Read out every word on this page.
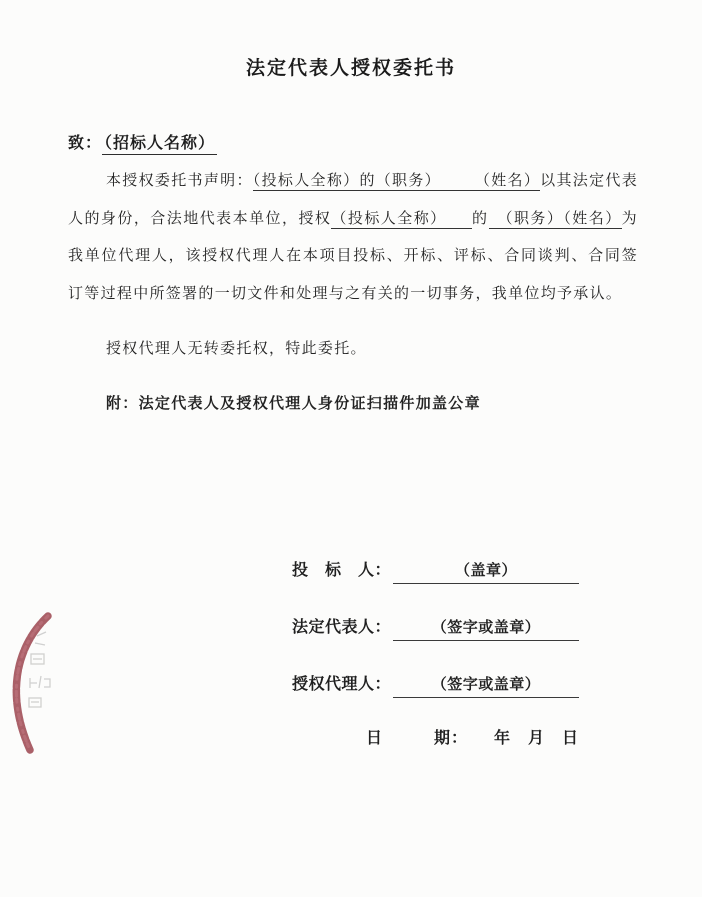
法定代表人授权委托书
致： （招标人名称）

本授权委托书声明：（投标人全称）的（职务）　　　（姓名）以其法定代表人的身份，合法地代表本单位，授权（投标人全称）　　的　（职务）（姓名）为我单位代理人，该授权代理人在本项目投标、开标、评标、合同谈判、合同签订等过程中所签署的一切文件和处理与之有关的一切事务，我单位均予承认。

授权代理人无转委托权，特此委托。

附：法定代表人及授权代理人身份证扫描件加盖公章

投　标　人：	（盖章）
法定代表人：	（签字或盖章）
授权代理人：	（签字或盖章）
日　　　期：　　年　月　日
